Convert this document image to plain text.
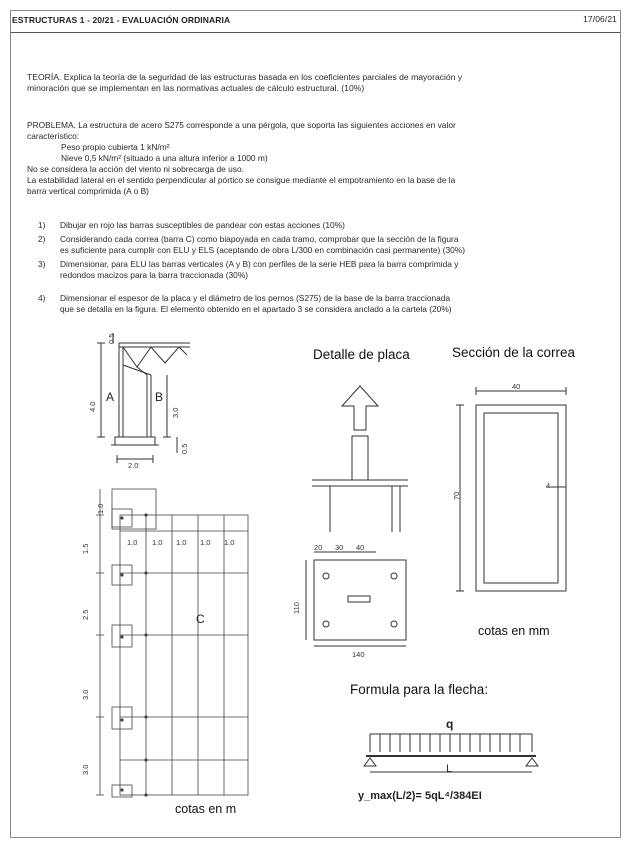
ESTRUCTURAS 1 - 20/21 - EVALUACIÓN ORDINARIA	17/06/21
TEORÍA. Explica la teoría de la seguridad de las estructuras basada en los coeficientes parciales de mayoración y
minoración que se implementan en las normativas actuales de cálculo estructural. (10%)
PROBLEMA. La estructura de acero S275 corresponde a una pérgola, que soporta las siguientes acciones en valor
característico:
Peso propio cubierta 1 kN/m²
Nieve 0,5 kN/m² (situado a una altura inferior a 1000 m)
No se considera la acción del viento ni sobrecarga de uso.
La estabilidad lateral en el sentido perpendicular al pórtico se consigue mediante el empotramiento en la base de la
barra vertical comprimida (A o B)
1) Dibujar en rojo las barras susceptibles de pandear con estas acciones (10%)
2) Considerando cada correa (barra C) como biapoyada en cada tramo, comprobar que la sección de la figura
es suficiente para cumplir con ELU y ELS (aceptando de obra L/300 en combinación casi permanente) (30%)
3) Dimensionar, para ELU las barras verticales (A y B) con perfiles de la serie HEB para la barra comprimida y
redondos macizos para la barra traccionada (30%)
4) Dimensionar el espesor de la placa y el diámetro de los pernos (S275) de la base de la barra traccionada
que se detalla en la figura. El elemento obtenido en el apartado 3 se considera anclado a la cartela (20%)
A	B
4.0
3.0
0.5
0.5
2.0
C
1.0 1.0 1.0 1.0 1.0
1.0
1.5
2.5
3.0
3.0
cotas en m
Detalle de placa
20 30 40
110
140
Sección de la correa
40
70
4
cotas en mm
Formula para la flecha:
q
L
y_max(L/2)= 5qL⁴/384EI
